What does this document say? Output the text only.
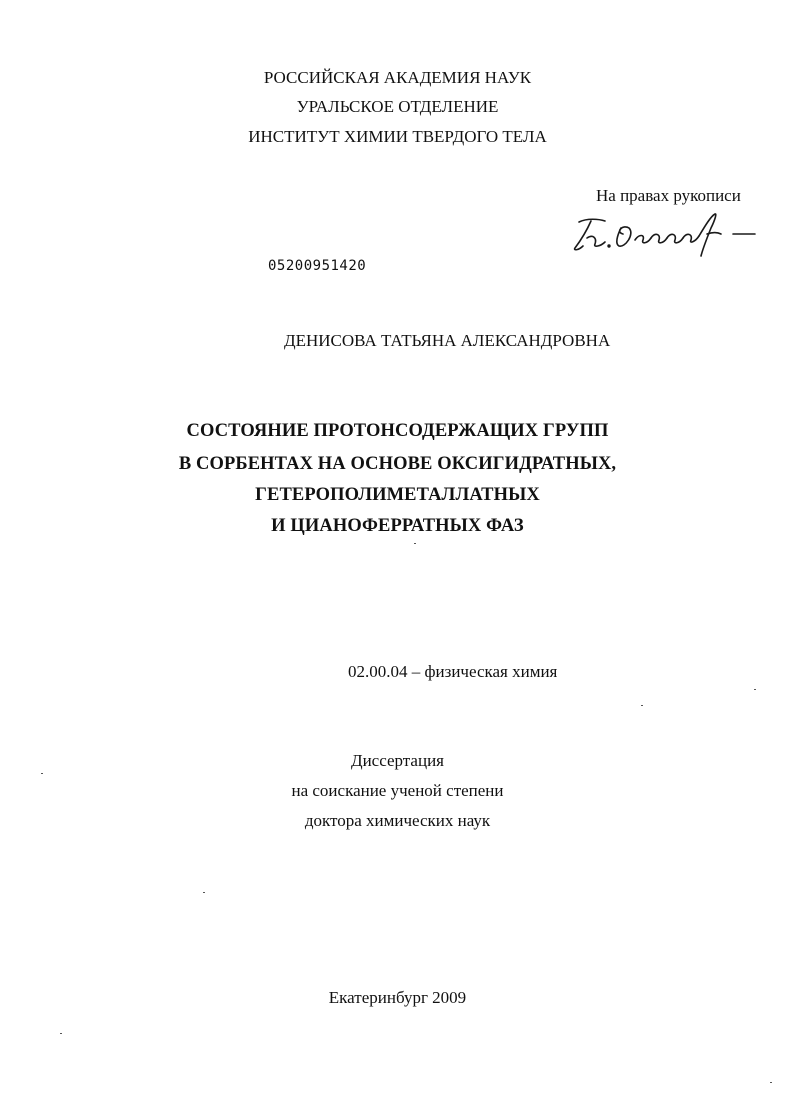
РОССИЙСКАЯ АКАДЕМИЯ НАУК
УРАЛЬСКОЕ ОТДЕЛЕНИЕ
ИНСТИТУТ ХИМИИ ТВЕРДОГО ТЕЛА
На правах рукописи
05200951420
ДЕНИСОВА ТАТЬЯНА АЛЕКСАНДРОВНА
СОСТОЯНИЕ ПРОТОНСОДЕРЖАЩИХ ГРУПП
В СОРБЕНТАХ НА ОСНОВЕ ОКСИГИДРАТНЫХ,
ГЕТЕРОПОЛИМЕТАЛЛАТНЫХ
И ЦИАНОФЕРРАТНЫХ ФАЗ
02.00.04 – физическая химия
Диссертация
на соискание ученой степени
доктора химических наук
Екатеринбург 2009
